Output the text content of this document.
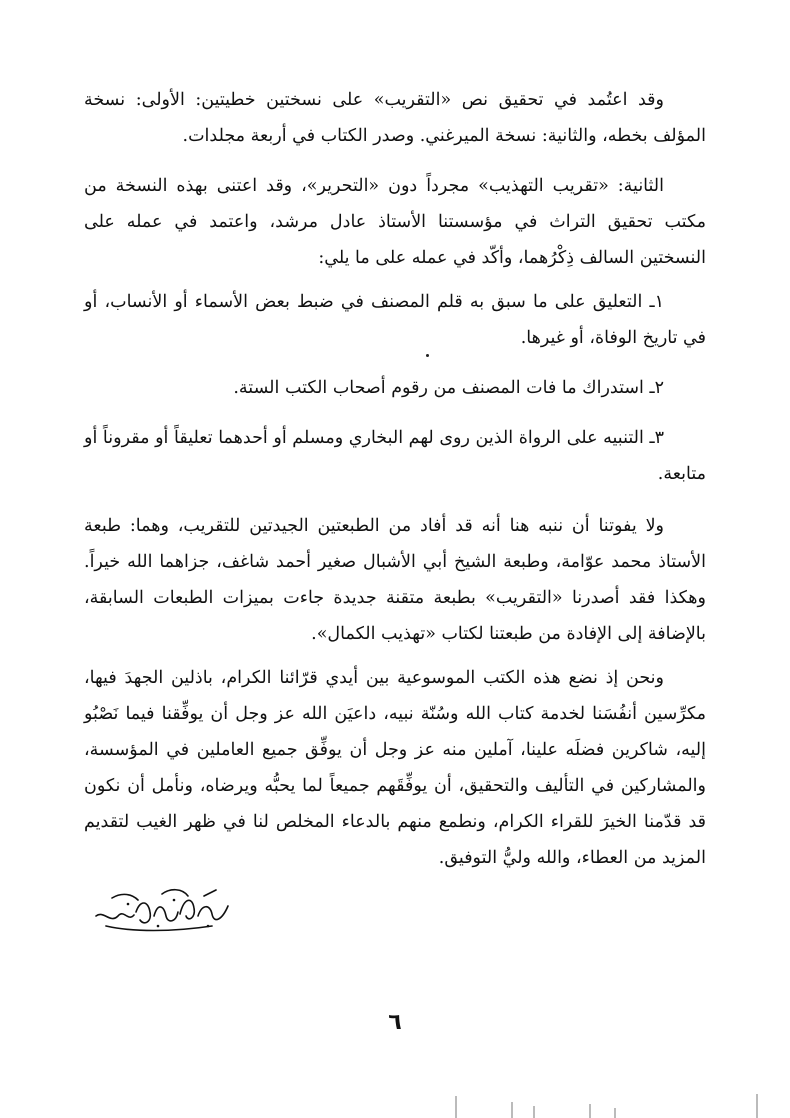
وقد اعتُمد في تحقيق نص «التقريب» على نسختين خطيتين: الأولى: نسخة المؤلف بخطه، والثانية: نسخة الميرغني. وصدر الكتاب في أربعة مجلدات.

الثانية: «تقريب التهذيب» مجرداً دون «التحرير»، وقد اعتنى بهذه النسخة من مكتب تحقيق التراث في مؤسستنا الأستاذ عادل مرشد، واعتمد في عمله على النسختين السالف ذِكْرُهما، وأكّد في عمله على ما يلي:

١ـ التعليق على ما سبق به قلم المصنف في ضبط بعض الأسماء أو الأنساب، أو في تاريخ الوفاة، أو غيرها.

٢ـ استدراك ما فات المصنف من رقوم أصحاب الكتب الستة.

٣ـ التنبيه على الرواة الذين روى لهم البخاري ومسلم أو أحدهما تعليقاً أو مقروناً أو متابعة.

ولا يفوتنا أن ننبه هنا أنه قد أفاد من الطبعتين الجيدتين للتقريب، وهما: طبعة الأستاذ محمد عوّامة، وطبعة الشيخ أبي الأشبال صغير أحمد شاغف، جزاهما الله خيراً. وهكذا فقد أصدرنا «التقريب» بطبعة متقنة جديدة جاءت بميزات الطبعات السابقة، بالإضافة إلى الإفادة من طبعتنا لكتاب «تهذيب الكمال».

ونحن إذ نضع هذه الكتب الموسوعية بين أيدي قرّائنا الكرام، باذلين الجهدَ فيها، مكرِّسين أنفُسَنا لخدمة كتاب الله وسُنّة نبيه، داعيَن الله عز وجل أن يوفِّقنا فيما نَصْبُو إليه، شاكرين فضلَه علينا، آملين منه عز وجل أن يوفِّق جميع العاملين في المؤسسة، والمشاركين في التأليف والتحقيق، أن يوفِّقَهم جميعاً لما يحبُّه ويرضاه، ونأمل أن نكون قد قدّمنا الخيرَ للقراء الكرام، ونطمع منهم بالدعاء المخلص لنا في ظهر الغيب لتقديم المزيد من العطاء، والله وليُّ التوفيق.

٦
